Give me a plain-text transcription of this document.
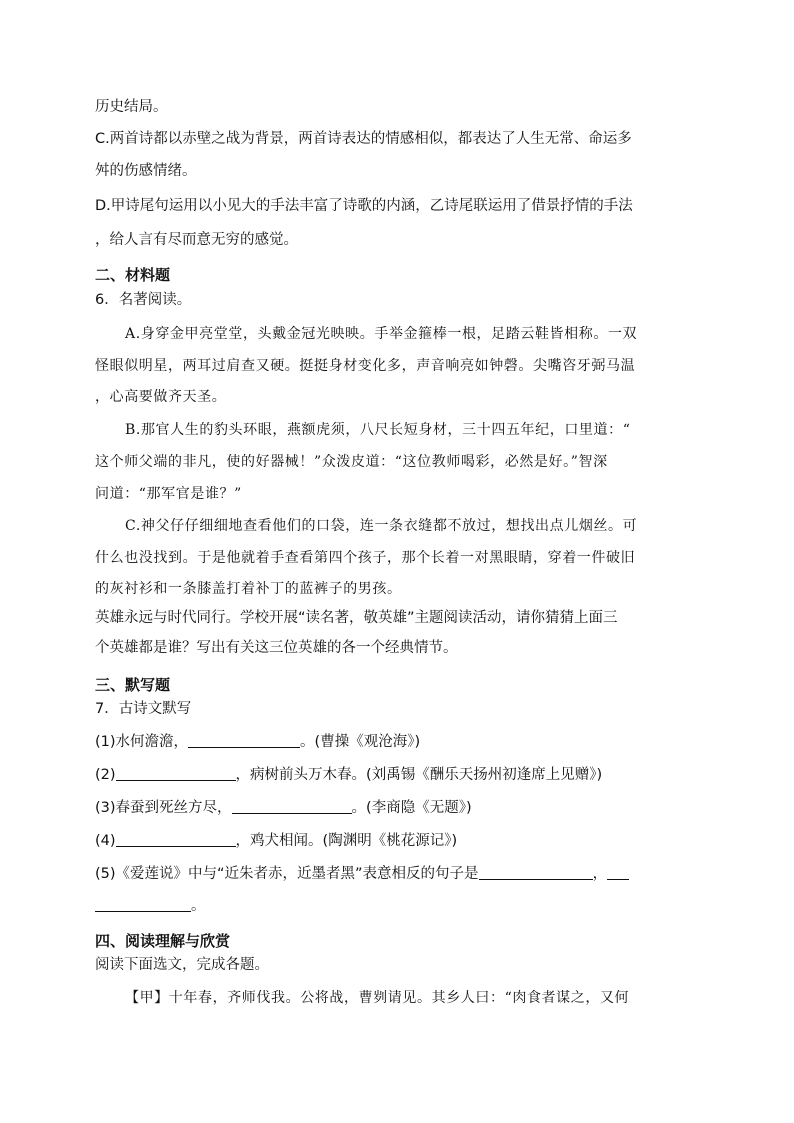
历史结局。
C.两首诗都以赤壁之战为背景，两首诗表达的情感相似，都表达了人生无常、命运多
舛的伤感情绪。
D.甲诗尾句运用以小见大的手法丰富了诗歌的内涵，乙诗尾联运用了借景抒情的手法
，给人言有尽而意无穷的感觉。
二、材料题
6．名著阅读。
A.身穿金甲亮堂堂，头戴金冠光映映。手举金箍棒一根，足踏云鞋皆相称。一双
怪眼似明星，两耳过肩查又硬。挺挺身材变化多，声音响亮如钟磬。尖嘴咨牙弼马温
，心高要做齐天圣。
B.那官人生的豹头环眼，燕额虎须，八尺长短身材，三十四五年纪，口里道：“
这个师父端的非凡，使的好器械！”众泼皮道：“这位教师喝彩，必然是好。”智深
问道：“那军官是谁？”
C.神父仔仔细细地查看他们的口袋，连一条衣缝都不放过，想找出点儿烟丝。可
什么也没找到。于是他就着手查看第四个孩子，那个长着一对黑眼睛，穿着一件破旧
的灰衬衫和一条膝盖打着补丁的蓝裤子的男孩。
英雄永远与时代同行。学校开展“读名著，敬英雄”主题阅读活动，请你猜猜上面三
个英雄都是谁？写出有关这三位英雄的各一个经典情节。
三、默写题
7．古诗文默写
(1)水何澹澹，	。(曹操《观沧海》)
(2)	，病树前头万木春。(刘禹锡《酬乐天扬州初逢席上见赠》)
(3)春蚕到死丝方尽，	。(李商隐《无题》)
(4)	，鸡犬相闻。(陶渊明《桃花源记》)
(5)《爱莲说》中与“近朱者赤，近墨者黑”表意相反的句子是	，
。
四、阅读理解与欣赏
阅读下面选文，完成各题。
【甲】十年春，齐师伐我。公将战，曹刿请见。其乡人曰：“肉食者谋之，又何
